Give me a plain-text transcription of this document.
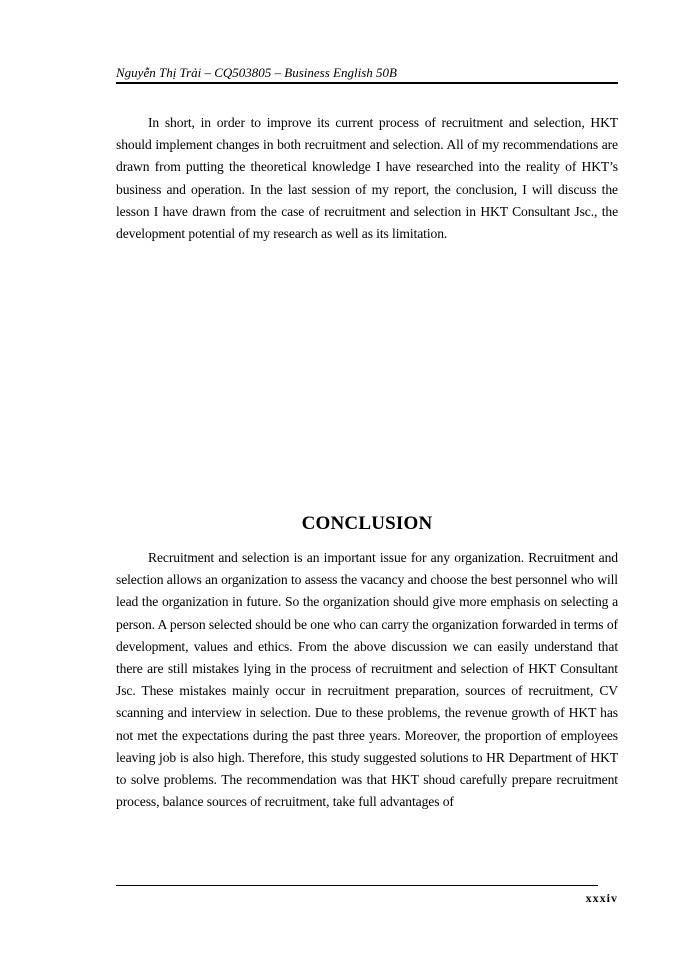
Nguyễn Thị Trải – CQ503805 – Business English 50B

In short, in order to improve its current process of recruitment and selection, HKT should implement changes in both recruitment and selection. All of my recommendations are drawn from putting the theoretical knowledge I have researched into the reality of HKT’s business and operation. In the last session of my report, the conclusion, I will discuss the lesson I have drawn from the case of recruitment and selection in HKT Consultant Jsc., the development potential of my research as well as its limitation.

CONCLUSION

Recruitment and selection is an important issue for any organization. Recruitment and selection allows an organization to assess the vacancy and choose the best personnel who will lead the organization in future. So the organization should give more emphasis on selecting a person. A person selected should be one who can carry the organization forwarded in terms of development, values and ethics. From the above discussion we can easily understand that there are still mistakes lying in the process of recruitment and selection of HKT Consultant Jsc. These mistakes mainly occur in recruitment preparation, sources of recruitment, CV scanning and interview in selection. Due to these problems, the revenue growth of HKT has not met the expectations during the past three years. Moreover, the proportion of employees leaving job is also high. Therefore, this study suggested solutions to HR Department of HKT to solve problems. The recommendation was that HKT shoud carefully prepare recruitment process, balance sources of recruitment, take full advantages of

xxxiv
